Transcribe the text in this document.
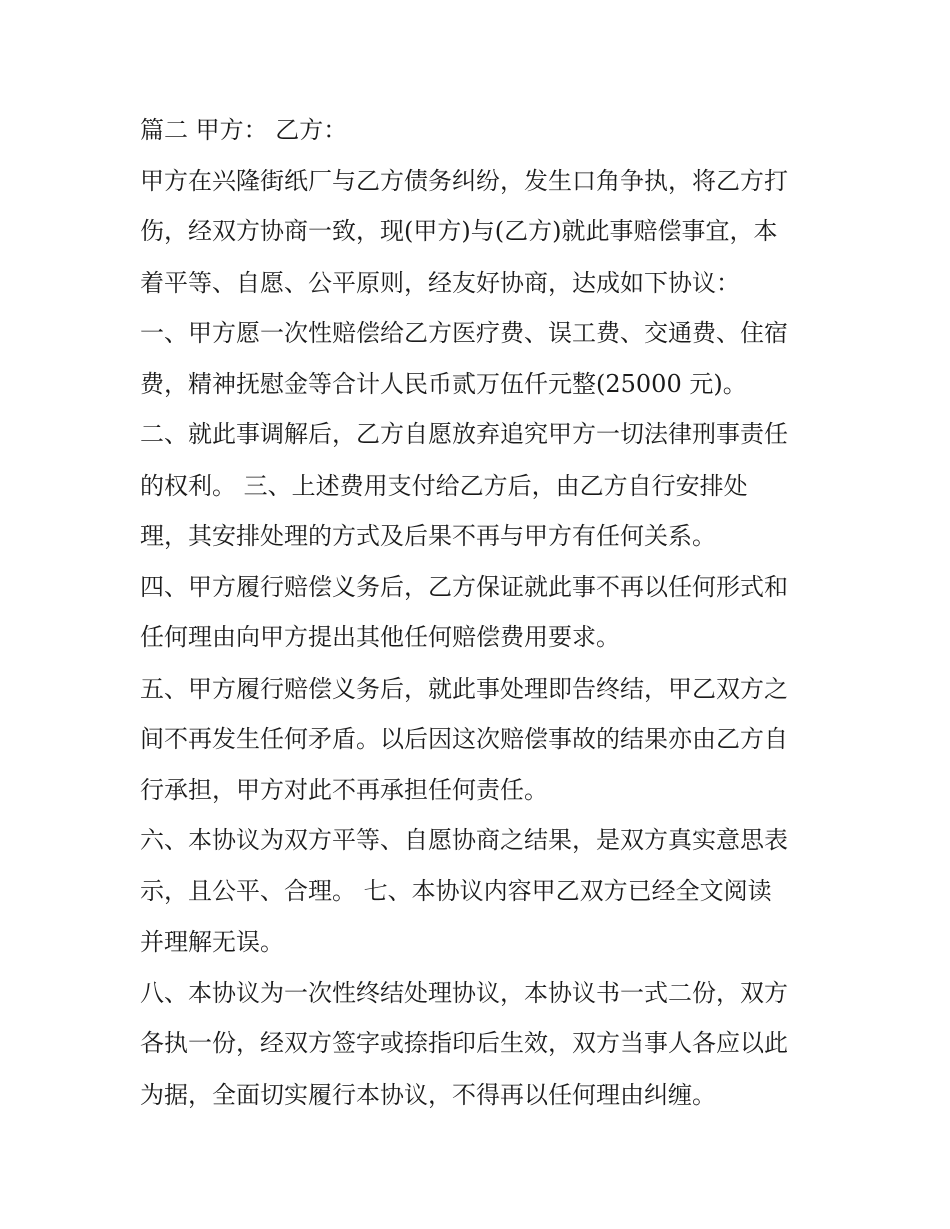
篇二 甲方： 乙方：
甲方在兴隆街纸厂与乙方债务纠纷，发生口角争执，将乙方打
伤，经双方协商一致，现(甲方)与(乙方)就此事赔偿事宜，本
着平等、自愿、公平原则，经友好协商，达成如下协议：
一、甲方愿一次性赔偿给乙方医疗费、误工费、交通费、住宿
费，精神抚慰金等合计人民币贰万伍仟元整(25000 元)。
二、就此事调解后，乙方自愿放弃追究甲方一切法律刑事责任
的权利。 三、上述费用支付给乙方后，由乙方自行安排处
理，其安排处理的方式及后果不再与甲方有任何关系。
四、甲方履行赔偿义务后，乙方保证就此事不再以任何形式和
任何理由向甲方提出其他任何赔偿费用要求。
五、甲方履行赔偿义务后，就此事处理即告终结，甲乙双方之
间不再发生任何矛盾。以后因这次赔偿事故的结果亦由乙方自
行承担，甲方对此不再承担任何责任。
六、本协议为双方平等、自愿协商之结果，是双方真实意思表
示，且公平、合理。 七、本协议内容甲乙双方已经全文阅读
并理解无误。
八、本协议为一次性终结处理协议，本协议书一式二份，双方
各执一份，经双方签字或捺指印后生效，双方当事人各应以此
为据，全面切实履行本协议，不得再以任何理由纠缠。
